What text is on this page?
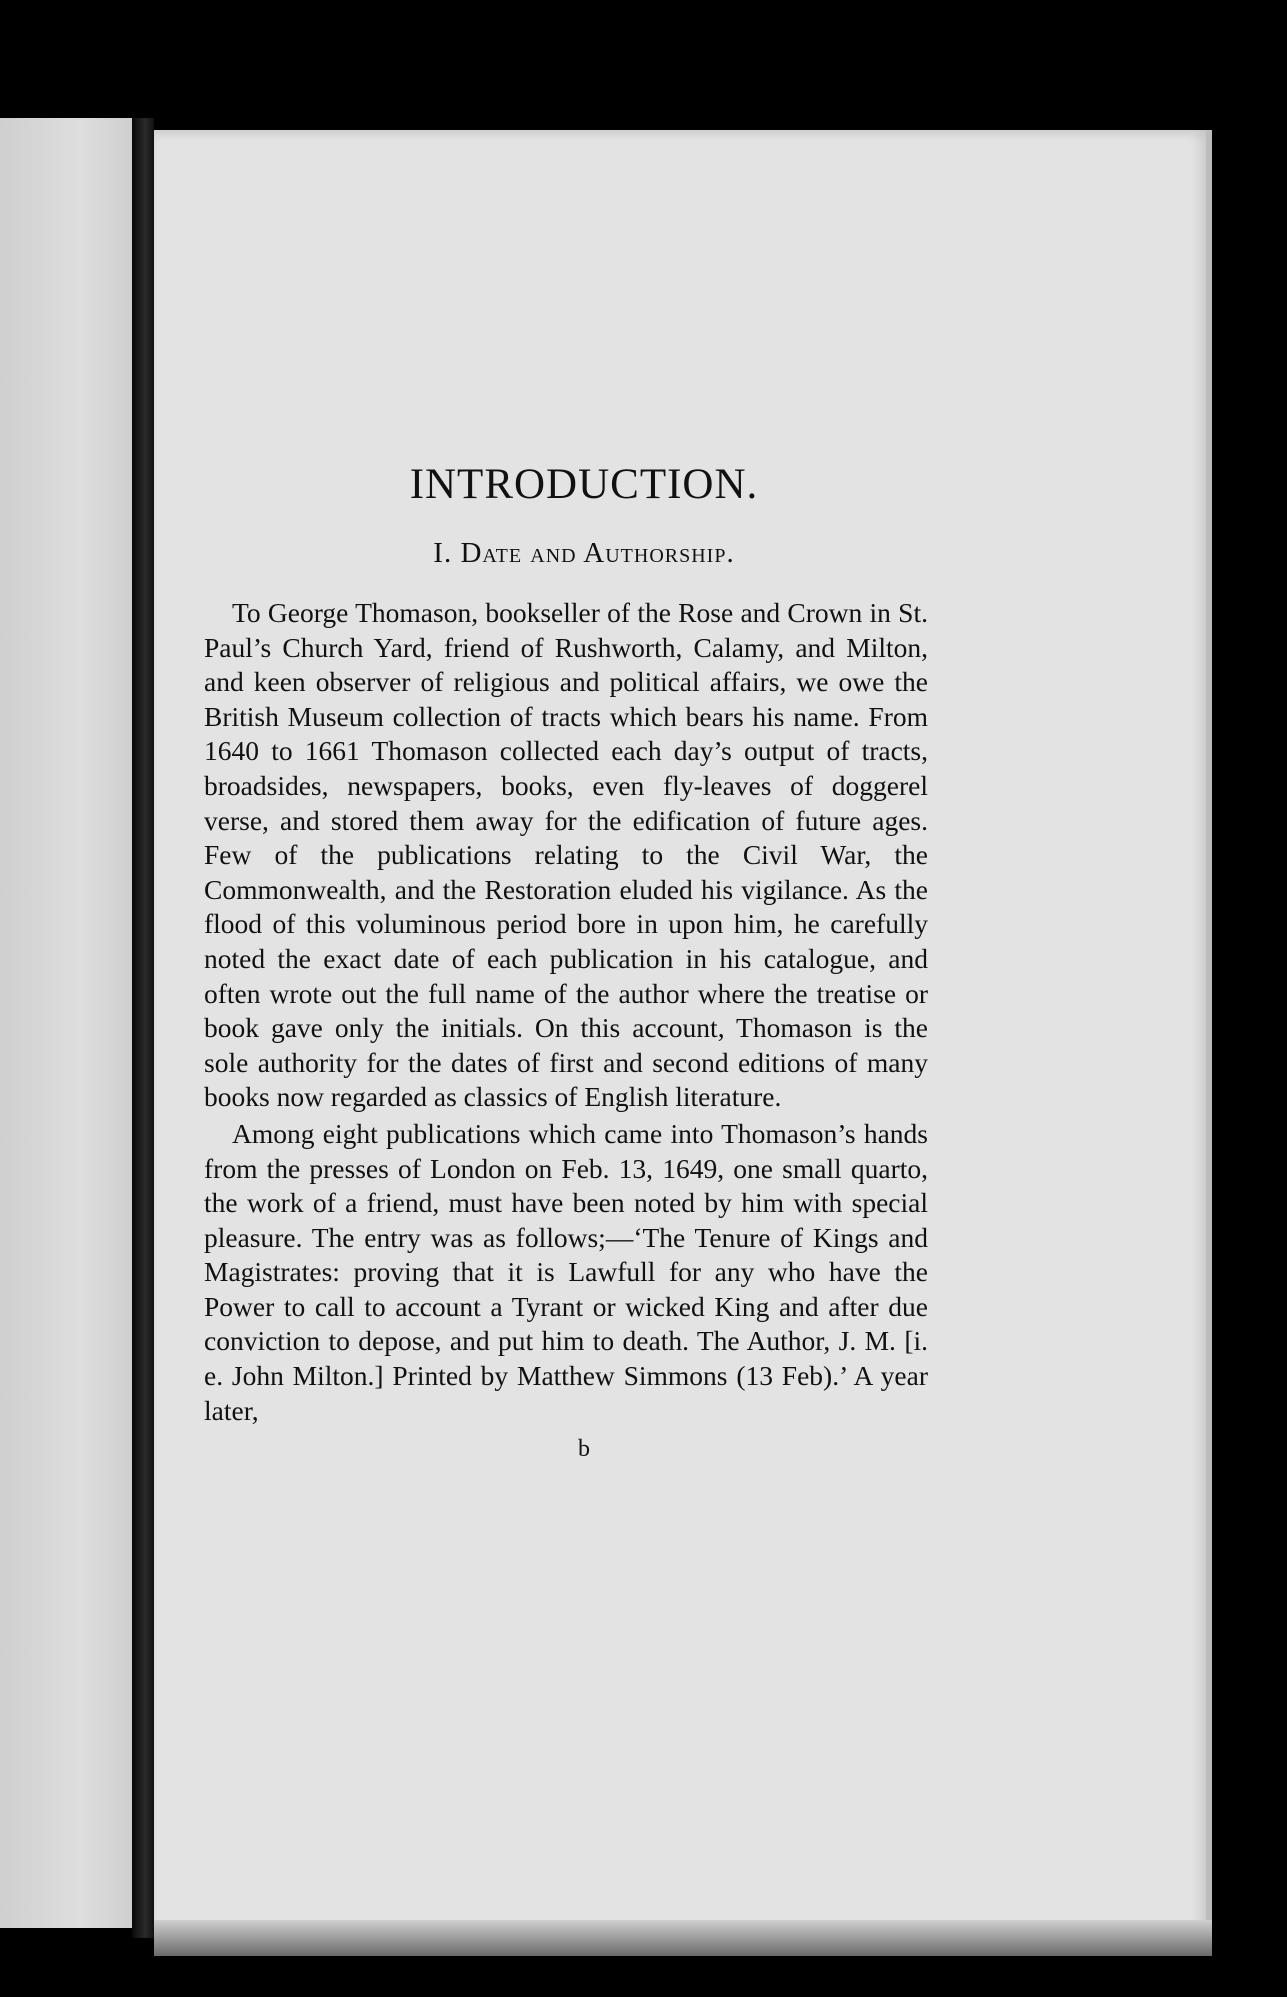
INTRODUCTION.
I. Date and Authorship.

To George Thomason, bookseller of the Rose and Crown in St. Paul’s Church Yard, friend of Rushworth, Calamy, and Milton, and keen observer of religious and political affairs, we owe the British Museum collection of tracts which bears his name. From 1640 to 1661 Thomason collected each day’s output of tracts, broadsides, newspapers, books, even fly-leaves of doggerel verse, and stored them away for the edification of future ages. Few of the publications relating to the Civil War, the Commonwealth, and the Restoration eluded his vigilance. As the flood of this voluminous period bore in upon him, he carefully noted the exact date of each publication in his catalogue, and often wrote out the full name of the author where the treatise or book gave only the initials. On this account, Thomason is the sole authority for the dates of first and second editions of many books now regarded as classics of English literature.

Among eight publications which came into Thomason’s hands from the presses of London on Feb. 13, 1649, one small quarto, the work of a friend, must have been noted by him with special pleasure. The entry was as follows;—‘The Tenure of Kings and Magistrates: proving that it is Lawfull for any who have the Power to call to account a Tyrant or wicked King and after due conviction to depose, and put him to death. The Author, J. M. [i. e. John Milton.] Printed by Matthew Simmons (13 Feb).’ A year later,

b
